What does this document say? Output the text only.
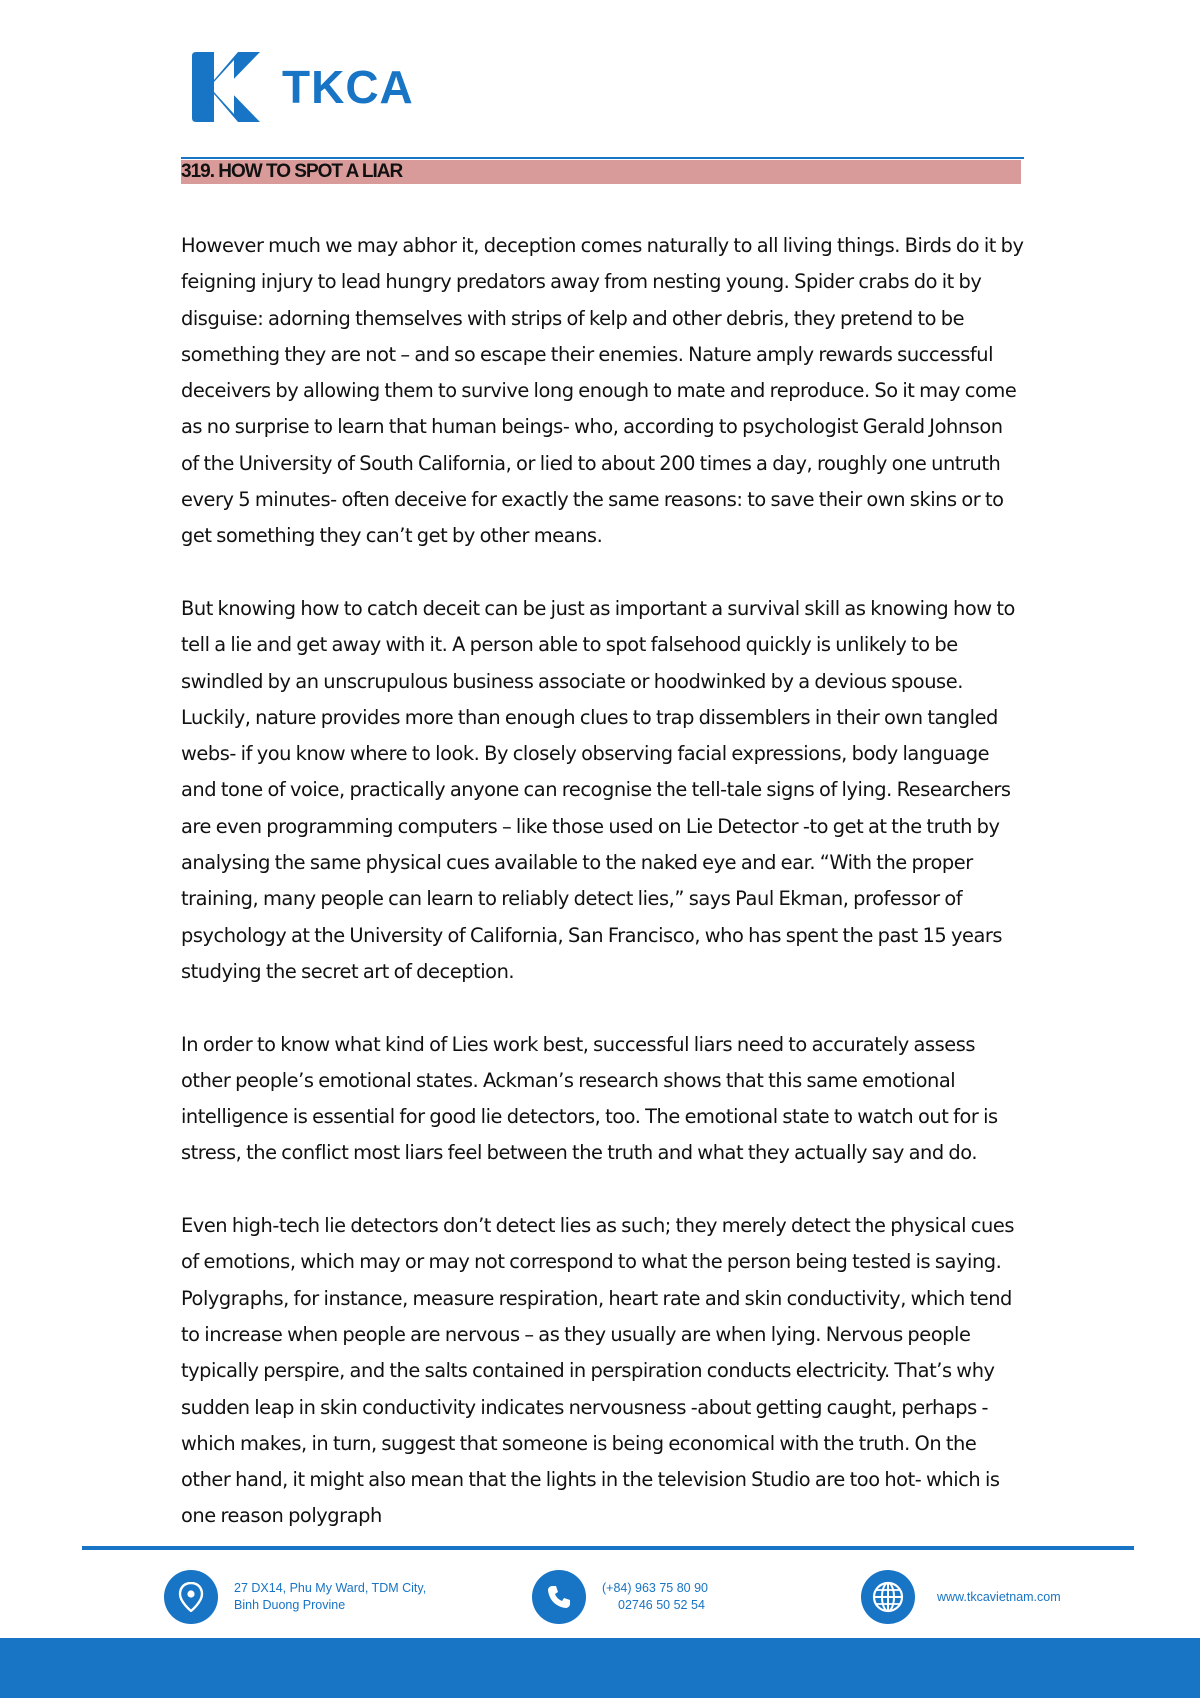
TKCA
319. HOW TO SPOT A LIAR

However much we may abhor it, deception comes naturally to all living things. Birds do it by feigning injury to lead hungry predators away from nesting young. Spider crabs do it by disguise: adorning themselves with strips of kelp and other debris, they pretend to be something they are not – and so escape their enemies. Nature amply rewards successful deceivers by allowing them to survive long enough to mate and reproduce. So it may come as no surprise to learn that human beings- who, according to psychologist Gerald Johnson of the University of South California, or lied to about 200 times a day, roughly one untruth every 5 minutes- often deceive for exactly the same reasons: to save their own skins or to get something they can’t get by other means.

But knowing how to catch deceit can be just as important a survival skill as knowing how to tell a lie and get away with it. A person able to spot falsehood quickly is unlikely to be swindled by an unscrupulous business associate or hoodwinked by a devious spouse. Luckily, nature provides more than enough clues to trap dissemblers in their own tangled webs- if you know where to look. By closely observing facial expressions, body language and tone of voice, practically anyone can recognise the tell-tale signs of lying. Researchers are even programming computers – like those used on Lie Detector -to get at the truth by analysing the same physical cues available to the naked eye and ear. “With the proper training, many people can learn to reliably detect lies,” says Paul Ekman, professor of psychology at the University of California, San Francisco, who has spent the past 15 years studying the secret art of deception.

In order to know what kind of Lies work best, successful liars need to accurately assess other people’s emotional states. Ackman’s research shows that this same emotional intelligence is essential for good lie detectors, too. The emotional state to watch out for is stress, the conflict most liars feel between the truth and what they actually say and do.

Even high-tech lie detectors don’t detect lies as such; they merely detect the physical cues of emotions, which may or may not correspond to what the person being tested is saying. Polygraphs, for instance, measure respiration, heart rate and skin conductivity, which tend to increase when people are nervous – as they usually are when lying. Nervous people typically perspire, and the salts contained in perspiration conducts electricity. That’s why sudden leap in skin conductivity indicates nervousness -about getting caught, perhaps -which makes, in turn, suggest that someone is being economical with the truth. On the other hand, it might also mean that the lights in the television Studio are too hot- which is one reason polygraph

27 DX14, Phu My Ward, TDM City,
Binh Duong Provine
(+84) 963 75 80 90
02746 50 52 54
www.tkcavietnam.com
